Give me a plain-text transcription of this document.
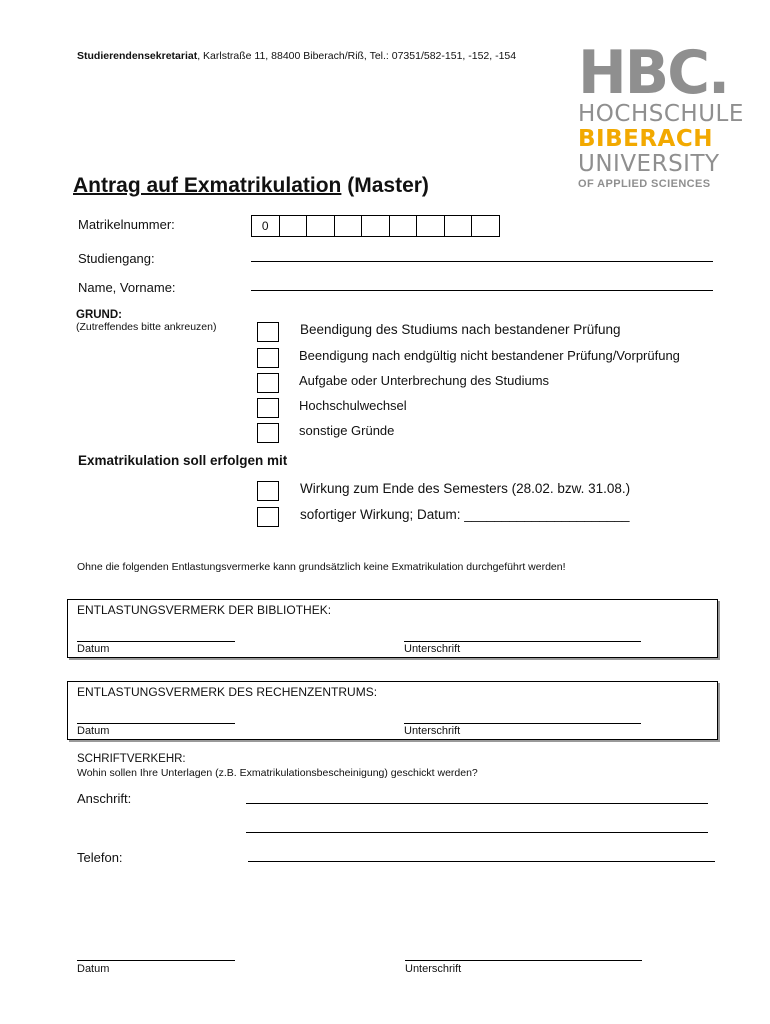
Studierendensekretariat, Karlstraße 11, 88400 Biberach/Riß, Tel.: 07351/582-151, -152, -154 HBC.
HOCHSCHULE
BIBERACH
UNIVERSITY
OF APPLIED SCIENCES
Antrag auf Exmatrikulation (Master)
Matrikelnummer:	0
Studiengang:
Name, Vorname:
GRUND:
(Zutreffendes bitte ankreuzen)	Beendigung des Studiums nach bestandener Prüfung
Beendigung nach endgültig nicht bestandener Prüfung/Vorprüfung
Aufgabe oder Unterbrechung des Studiums
Hochschulwechsel
sonstige Gründe
Exmatrikulation soll erfolgen mit
Wirkung zum Ende des Semesters (28.02. bzw. 31.08.)
sofortiger Wirkung; Datum: ______________________
Ohne die folgenden Entlastungsvermerke kann grundsätzlich keine Exmatrikulation durchgeführt werden!
ENTLASTUNGSVERMERK DER BIBLIOTHEK:
Datum	Unterschrift
ENTLASTUNGSVERMERK DES RECHENZENTRUMS:
Datum	Unterschrift
SCHRIFTVERKEHR:
Wohin sollen Ihre Unterlagen (z.B. Exmatrikulationsbescheinigung) geschickt werden?
Anschrift:
Telefon:
Datum	Unterschrift
